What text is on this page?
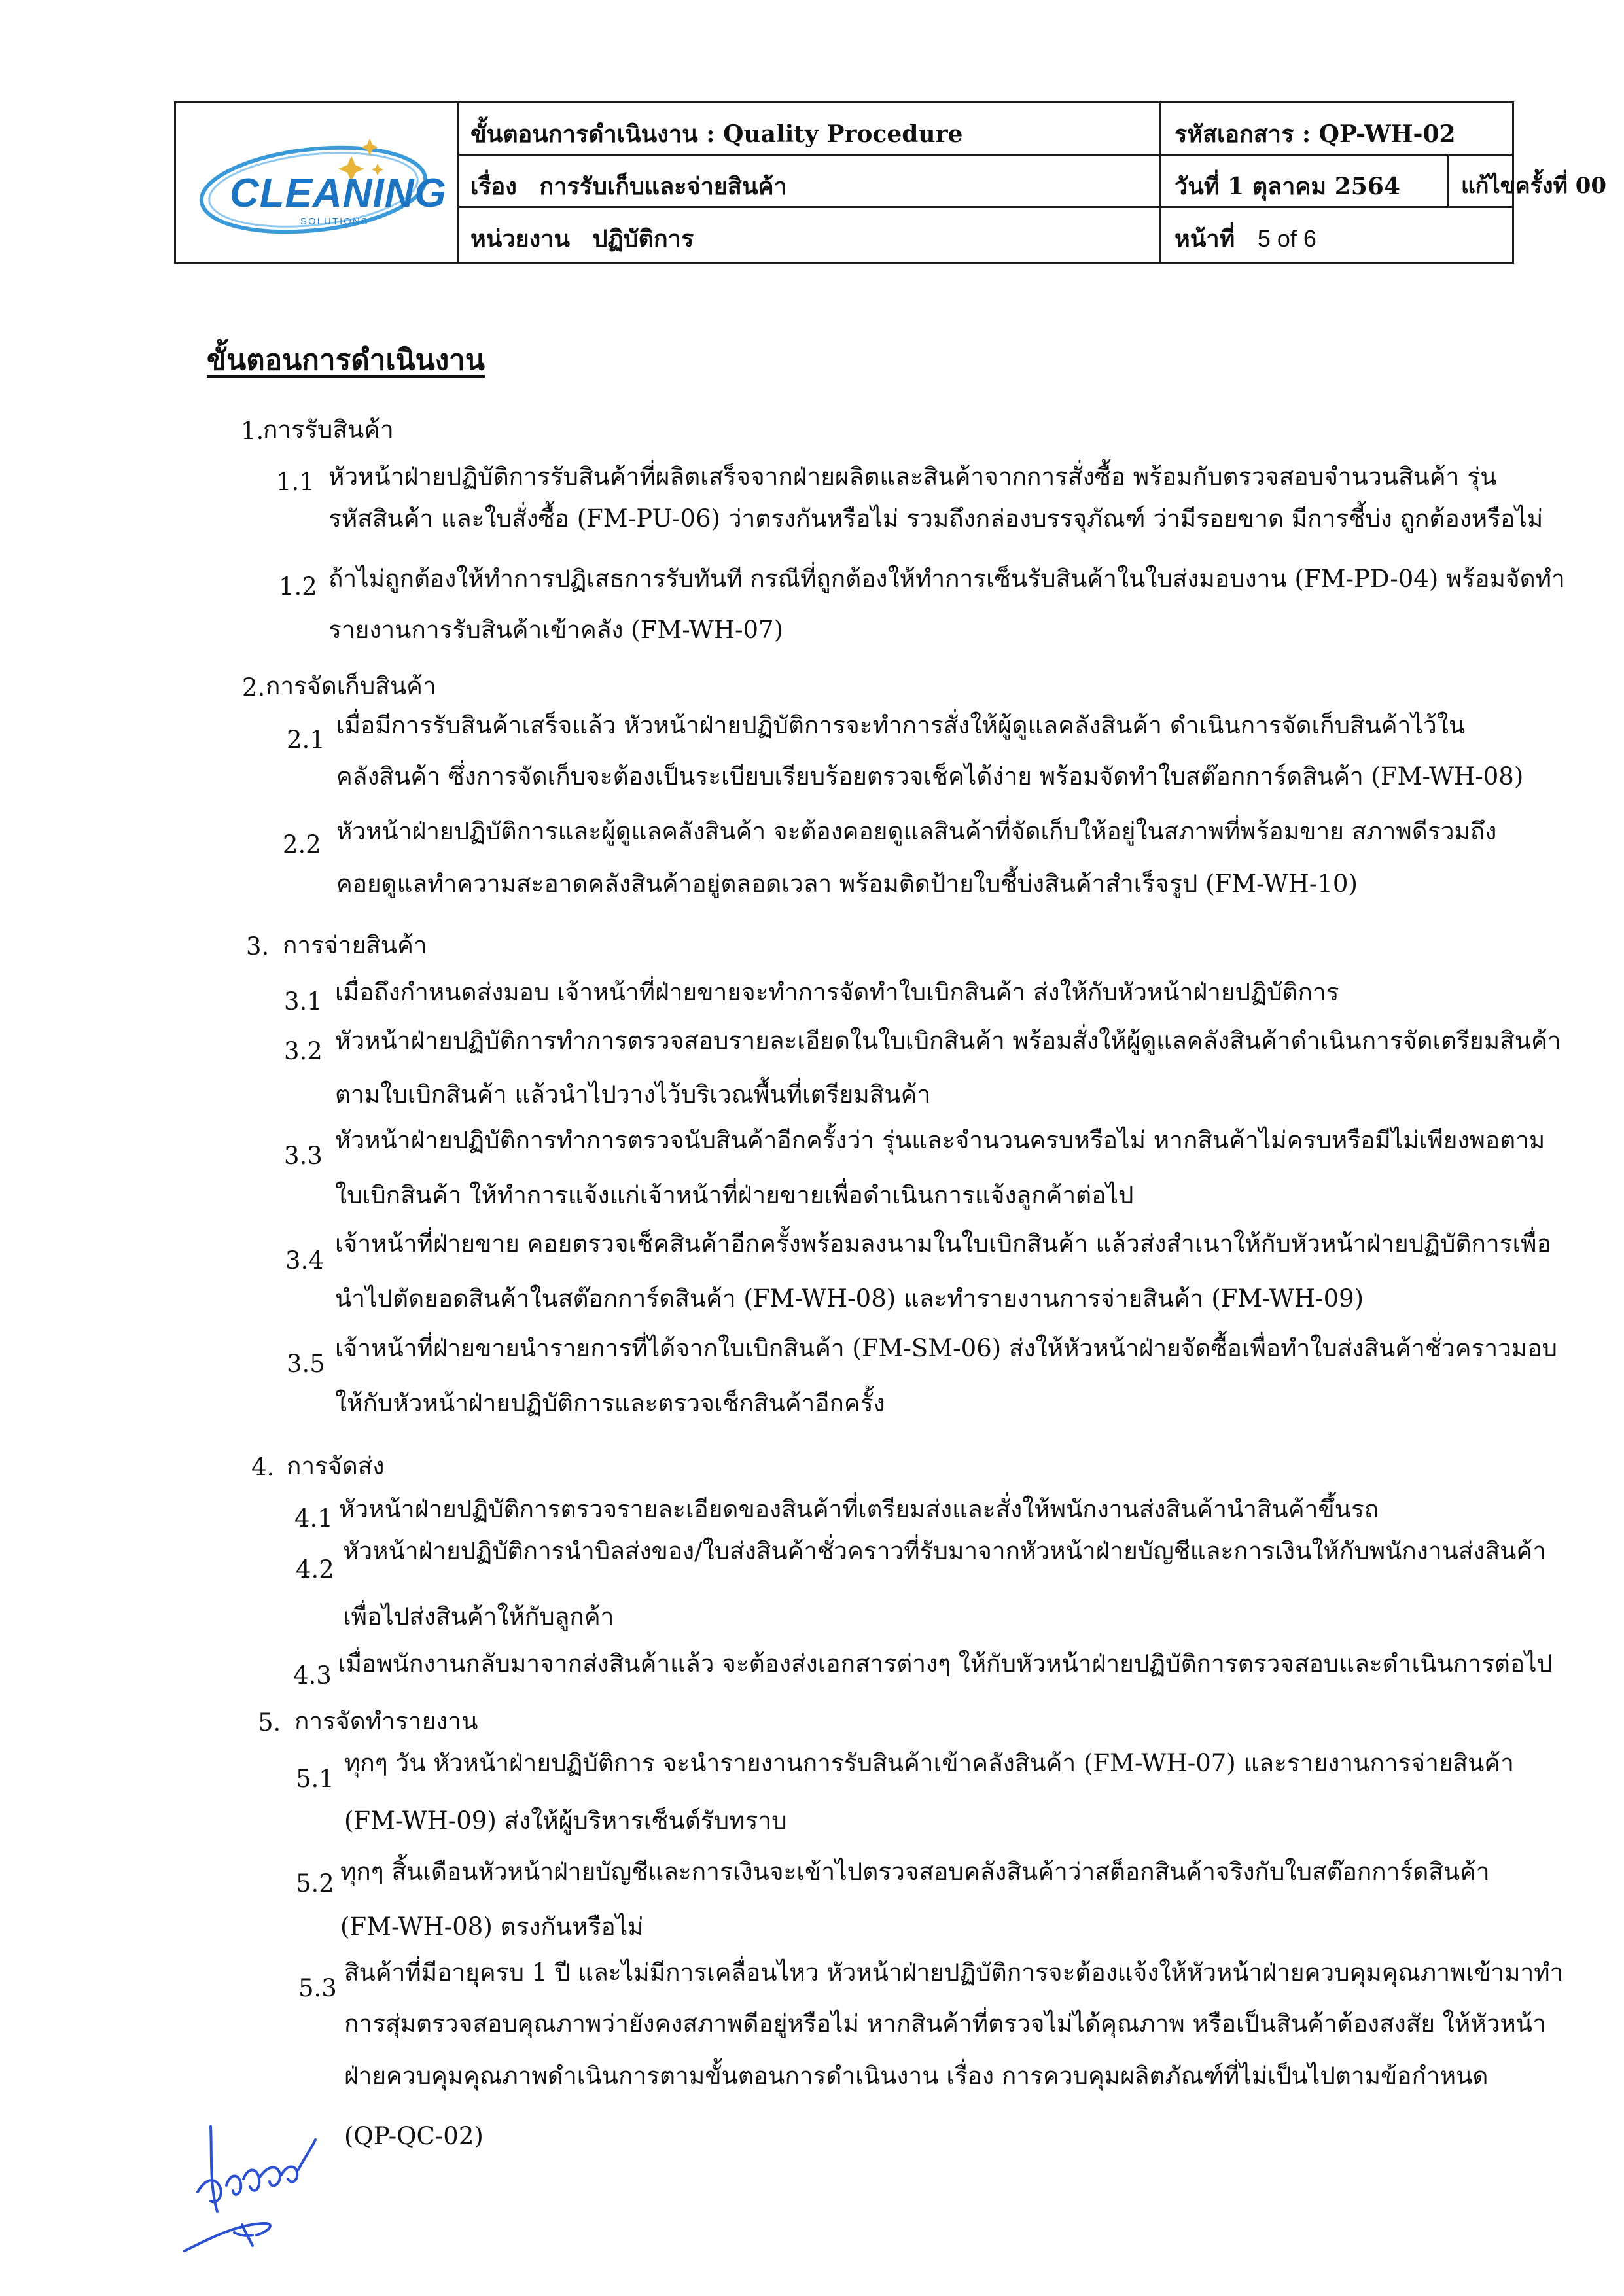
CLEANING
SOLUTIONS
ขั้นตอนการดำเนินงาน : Quality Procedure	รหัสเอกสาร : QP-WH-02
เรื่อง การรับเก็บและจ่ายสินค้า	วันที่ 1 ตุลาคม 2564	แก้ไขครั้งที่ 00
หน่วยงาน ปฏิบัติการ	หน้าที่ 5 of 6
ขั้นตอนการดำเนินงาน
1.
การรับสินค้า
1.1 หัวหน้าฝ่ายปฏิบัติการรับสินค้าที่ผลิตเสร็จจากฝ่ายผลิตและสินค้าจากการสั่งซื้อ พร้อมกับตรวจสอบจำนวนสินค้า รุ่น
รหัสสินค้า และใบสั่งซื้อ (FM-PU-06) ว่าตรงกันหรือไม่ รวมถึงกล่องบรรจุภัณฑ์ ว่ามีรอยขาด มีการชี้บ่ง ถูกต้องหรือไม่
1.2 ถ้าไม่ถูกต้องให้ทำการปฏิเสธการรับทันที กรณีที่ถูกต้องให้ทำการเซ็นรับสินค้าในใบส่งมอบงาน (FM-PD-04) พร้อมจัดทำ
รายงานการรับสินค้าเข้าคลัง (FM-WH-07)
2. การจัดเก็บสินค้า
2.1
เมื่อมีการรับสินค้าเสร็จแล้ว หัวหน้าฝ่ายปฏิบัติการจะทำการสั่งให้ผู้ดูแลคลังสินค้า ดำเนินการจัดเก็บสินค้าไว้ใน
คลังสินค้า ซึ่งการจัดเก็บจะต้องเป็นระเบียบเรียบร้อยตรวจเช็คได้ง่าย พร้อมจัดทำใบสต๊อกการ์ดสินค้า (FM-WH-08)
2.2 หัวหน้าฝ่ายปฏิบัติการและผู้ดูแลคลังสินค้า จะต้องคอยดูแลสินค้าที่จัดเก็บให้อยู่ในสภาพที่พร้อมขาย สภาพดีรวมถึง
คอยดูแลทำความสะอาดคลังสินค้าอยู่ตลอดเวลา พร้อมติดป้ายใบชี้บ่งสินค้าสำเร็จรูป (FM-WH-10)
3. การจ่ายสินค้า
3.1 เมื่อถึงกำหนดส่งมอบ เจ้าหน้าที่ฝ่ายขายจะทำการจัดทำใบเบิกสินค้า ส่งให้กับหัวหน้าฝ่ายปฏิบัติการ
3.2 หัวหน้าฝ่ายปฏิบัติการทำการตรวจสอบรายละเอียดในใบเบิกสินค้า พร้อมสั่งให้ผู้ดูแลคลังสินค้าดำเนินการจัดเตรียมสินค้า
ตามใบเบิกสินค้า แล้วนำไปวางไว้บริเวณพื้นที่เตรียมสินค้า
3.3
หัวหน้าฝ่ายปฏิบัติการทำการตรวจนับสินค้าอีกครั้งว่า รุ่นและจำนวนครบหรือไม่ หากสินค้าไม่ครบหรือมีไม่เพียงพอตาม
ใบเบิกสินค้า ให้ทำการแจ้งแก่เจ้าหน้าที่ฝ่ายขายเพื่อดำเนินการแจ้งลูกค้าต่อไป
3.4
เจ้าหน้าที่ฝ่ายขาย คอยตรวจเช็คสินค้าอีกครั้งพร้อมลงนามในใบเบิกสินค้า แล้วส่งสำเนาให้กับหัวหน้าฝ่ายปฏิบัติการเพื่อ
นำไปตัดยอดสินค้าในสต๊อกการ์ดสินค้า (FM-WH-08) และทำรายงานการจ่ายสินค้า (FM-WH-09)
3.5
เจ้าหน้าที่ฝ่ายขายนำรายการที่ได้จากใบเบิกสินค้า (FM-SM-06) ส่งให้หัวหน้าฝ่ายจัดซื้อเพื่อทำใบส่งสินค้าชั่วคราวมอบ
ให้กับหัวหน้าฝ่ายปฏิบัติการและตรวจเช็กสินค้าอีกครั้ง
4. การจัดส่ง
4.1 หัวหน้าฝ่ายปฏิบัติการตรวจรายละเอียดของสินค้าที่เตรียมส่งและสั่งให้พนักงานส่งสินค้านำสินค้าขึ้นรถ
4.2
หัวหน้าฝ่ายปฏิบัติการนำบิลส่งของ/ใบส่งสินค้าชั่วคราวที่รับมาจากหัวหน้าฝ่ายบัญชีและการเงินให้กับพนักงานส่งสินค้า
เพื่อไปส่งสินค้าให้กับลูกค้า
4.3 เมื่อพนักงานกลับมาจากส่งสินค้าแล้ว จะต้องส่งเอกสารต่างๆ ให้กับหัวหน้าฝ่ายปฏิบัติการตรวจสอบและดำเนินการต่อไป
5. การจัดทำรายงาน
5.1
ทุกๆ วัน หัวหน้าฝ่ายปฏิบัติการ จะนำรายงานการรับสินค้าเข้าคลังสินค้า (FM-WH-07) และรายงานการจ่ายสินค้า
(FM-WH-09) ส่งให้ผู้บริหารเซ็นต์รับทราบ
5.2 ทุกๆ สิ้นเดือนหัวหน้าฝ่ายบัญชีและการเงินจะเข้าไปตรวจสอบคลังสินค้าว่าสต็อกสินค้าจริงกับใบสต๊อกการ์ดสินค้า
(FM-WH-08) ตรงกันหรือไม่
5.3
สินค้าที่มีอายุครบ 1 ปี และไม่มีการเคลื่อนไหว หัวหน้าฝ่ายปฏิบัติการจะต้องแจ้งให้หัวหน้าฝ่ายควบคุมคุณภาพเข้ามาทำ
การสุ่มตรวจสอบคุณภาพว่ายังคงสภาพดีอยู่หรือไม่ หากสินค้าที่ตรวจไม่ได้คุณภาพ หรือเป็นสินค้าต้องสงสัย ให้หัวหน้า
ฝ่ายควบคุมคุณภาพดำเนินการตามขั้นตอนการดำเนินงาน เรื่อง การควบคุมผลิตภัณฑ์ที่ไม่เป็นไปตามข้อกำหนด
(QP-QC-02)
